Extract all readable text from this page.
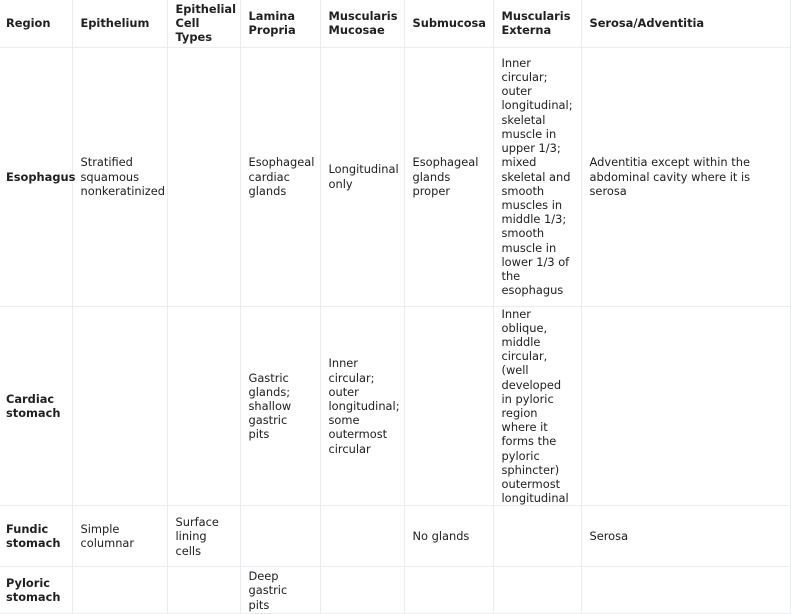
Region	Epithelium	Epithelial Cell Types	Lamina Propria	Muscularis Mucosae	Submucosa	Muscularis Externa	Serosa/Adventitia
Esophagus	Stratified squamous nonkeratinized		Esophageal cardiac glands	Longitudinal only	Esophageal glands proper	Inner circular; outer longitudinal; skeletal muscle in upper 1/3; mixed skeletal and smooth muscles in middle 1/3; smooth muscle in lower 1/3 of the esophagus	Adventitia except within the abdominal cavity where it is serosa
Cardiac stomach			Gastric glands; shallow gastric pits	Inner circular; outer longitudinal; some outermost circular		Inner oblique, middle circular, (well developed in pyloric region where it forms the pyloric sphincter) outermost longitudinal	
Fundic stomach	Simple columnar	Surface lining cells			No glands		Serosa
Pyloric stomach			Deep gastric pits				
